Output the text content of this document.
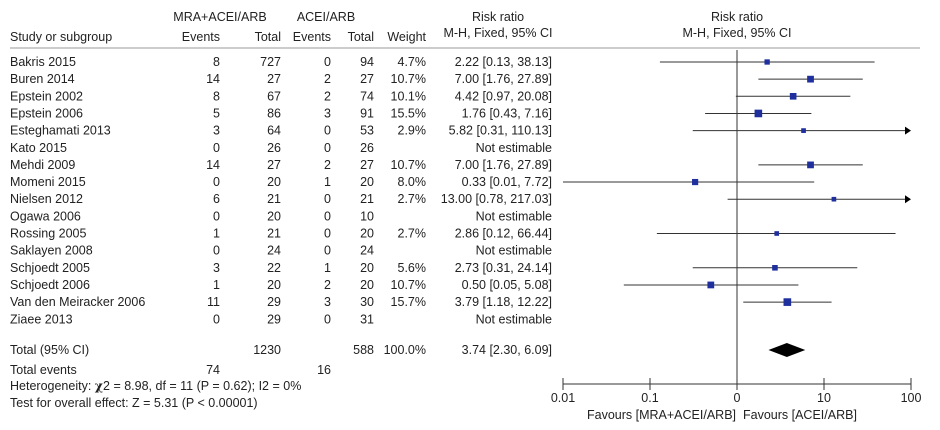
MRA+ACEI/ARB ACEI/ARB
Study or subgroup	Events	Total Events Total Weight
Risk ratio
M-H, Fixed, 95% CI
Risk ratio
M-H, Fixed, 95% CI
Bakris 2015	8	727	0 94 4.7% 2.22 [0.13, 38.13]
Buren 2014	14	27	2 27 10.7% 7.00 [1.76, 27.89]
Epstein 2002	8	67	2 74 10.1% 4.42 [0.97, 20.08]
Epstein 2006	5	86	3 91 15.5%	1.76 [0.43, 7.16]
Esteghamati 2013	3	64	0 53 2.9% 5.82 [0.31, 110.13]
Kato 2015	0	26	0 26	Not estimable
Mehdi 2009	14	27	2 27 10.7% 7.00 [1.76, 27.89]
Momeni 2015	0	20	1 20 8.0%	0.33 [0.01, 7.72]
Nielsen 2012	6	21	0 21 2.7% 13.00 [0.78, 217.03]
Ogawa 2006	0	20	0 10	Not estimable
Rossing 2005	1	21	0 20 2.7% 2.86 [0.12, 66.44]
Saklayen 2008	0	24	0 24	Not estimable
Schjoedt 2005	3	22	1 20 5.6% 2.73 [0.31, 24.14]
Schjoedt 2006	1	20	2 20 10.7%	0.50 [0.05, 5.08]
Van den Meiracker 2006	11	29	3 30 15.7% 3.79 [1.18, 12.22]
Ziaee 2013	0	29	0 31	Not estimable
Total (95% CI)	1230	588 100.0%	3.74 [2.30, 6.09]
Total events	74	16
Heterogeneity: χ2 = 8.98, df = 11 (P = 0.62); I2 = 0%
Test for overall effect: Z = 5.31 (P < 0.00001)	0.01	0.1	0	10	100
Favours [MRA+ACEI/ARB] Favours [ACEI/ARB]
